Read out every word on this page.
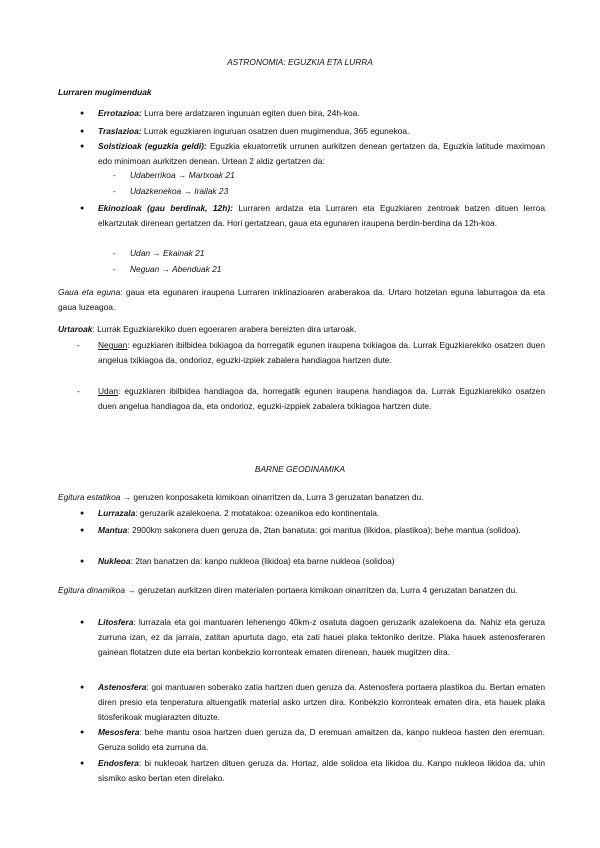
ASTRONOMIA: EGUZKIA ETA LURRA
Lurraren mugimenduak

● Errotazioa: Lurra bere ardatzaren inguruan egiten duen bira, 24h-koa.

● Traslazioa: Lurrak eguzkiaren inguruan osatzen duen mugimendua, 365 egunekoa.

● Solstizioak (eguzkia geldi): Eguzkia ekuatorretik urrunen aurkitzen denean gertatzen da, Eguzkia latitude maximoan edo minimoan aurkitzen denean. Urtean 2 aldiz gertatzen da:

- Udaberrikoa → Martxoak 21

- Udazkenekoa → Irailak 23

● Ekinozioak (gau berdinak, 12h): Lurraren ardatza eta Lurraren eta Eguzkiaren zentroak batzen dituen lerroa elkartzutak direnean gertatzen da. Hori gertatzean, gaua eta egunaren iraupena berdin-berdina da 12h-koa.

- Udan → Ekainak 21

- Neguan → Abenduak 21

Gaua eta eguna: gaua eta egunaren iraupena Lurraren inklinazioaren araberakoa da. Urtaro hotzetan eguna laburragoa da eta gaua luzeagoa.

Urtaroak: Lurrak Eguzkiarekiko duen egoeraren arabera bereizten dira urtaroak.

- Neguan: eguzkiaren ibilbidea txikiagoa da horregatik egunen iraupena txikiagoa da. Lurrak Eguzkiarekiko osatzen duen angelua txikiagoa da, ondorioz, eguzki-izpiek zabalera handiagoa hartzen dute.

- Udan: eguzkiaren ibilbidea handiagoa da, horregatik egunen iraupena handiagoa da. Lurrak Eguzkiarekiko osatzen duen angelua handiagoa da, eta ondorioz, eguzki-izppiek zabalera txikiagoa hartzen dute.

BARNE GEODINAMIKA

Egitura estatikoa → geruzen konposaketa kimikoan oinarritzen da, Lurra 3 geruzatan banatzen du.

● Lurrazala: geruzarik azalekoena. 2 motatakoa: ozeanikoa edo kontinentala.

● Mantua: 2900km sakonera duen geruza da, 2tan banatuta: goi mantua (likidoa, plastikoa); behe mantua (solidoa).

● Nukleoa: 2tan banatzen da: kanpo nukleoa (likidoa) eta barne nukleoa (solidoa)

Egitura dinamikoa → geruzetan aurkitzen diren materialen portaera kimikoan oinarritzen da, Lurra 4 geruzatan banatzen du.

● Litosfera: lurrazala eta goi mantuaren lehenengo 40km-z osatuta dagoen geruzarik azalekoena da. Nahiz eta geruza zurruna izan, ez da jarraia, zatitan apurtuta dago, eta zati hauei plaka tektoniko deritze. Plaka hauek astenosferaren gainean flotatzen dute eta bertan konbekzio korronteak ematen direnean, hauek mugitzen dira.

● Astenosfera: goi mantuaren soberako zatia hartzen duen geruza da. Astenosfera portaera plastikoa du. Bertan ematen diren presio eta tenperatura altuengatik material asko urtzen dira. Konbekzio korronteak ematen dira, eta hauek plaka litosferikoak mugiarazten dituzte.

● Mesosfera: behe mantu osoa hartzen duen geruza da, D eremuan amaitzen da, kanpo nukleoa hasten den eremuan. Geruza solido eta zurruna da.

● Endosfera: bi nukleoak hartzen dituen geruza da. Hortaz, alde solidoa eta likidoa du. Kanpo nukleoa likidoa da, uhin sismiko asko bertan eten direlako.
